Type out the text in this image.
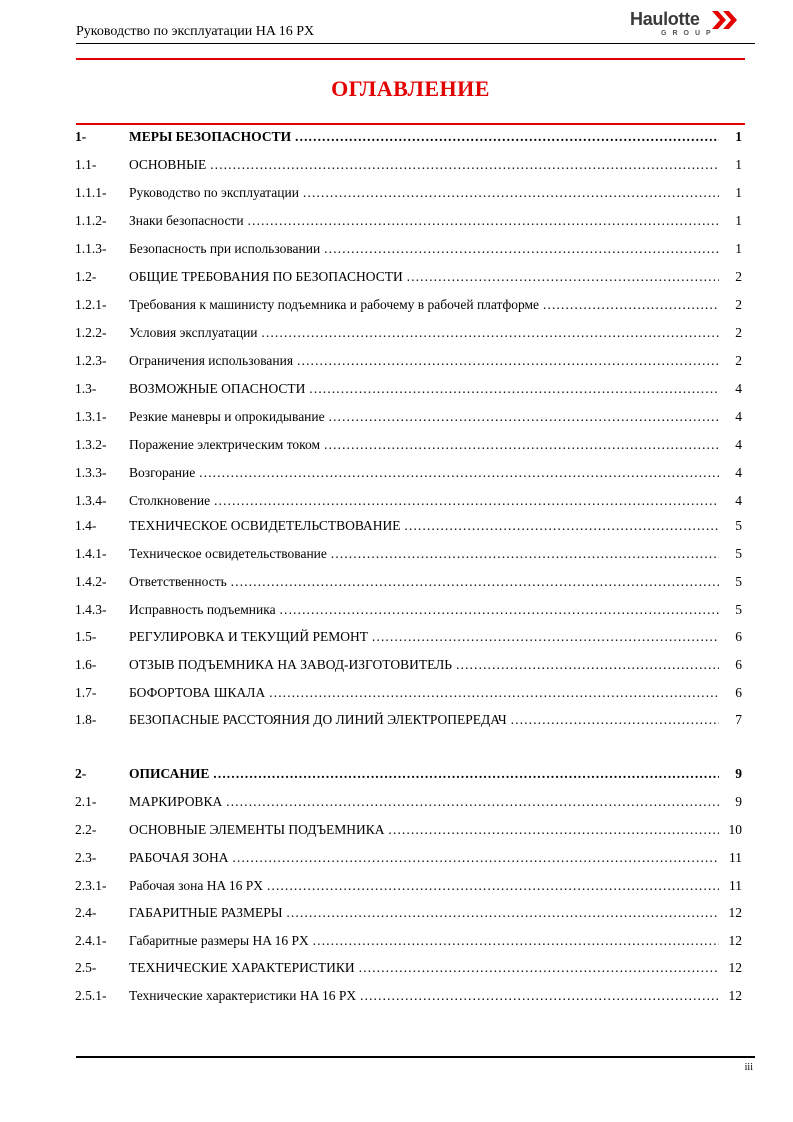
Руководство по эксплуатации HA 16 PX
Haulotte
GROUP
ОГЛАВЛЕНИЕ
1-	МЕРЫ БЕЗОПАСНОСТИ ………………………………………………………………………………………………………………………………………………………………………………	1
1.1- ОСНОВНЫЕ ………………………………………………………………………………………………………………………………………………………………………………	1
1.1.1- Руководство по эксплуатации ………………………………………………………………………………………………………………………………………………………………………………	1
1.1.2- Знаки безопасности ………………………………………………………………………………………………………………………………………………………………………………	1
1.1.3- Безопасность при использовании ………………………………………………………………………………………………………………………………………………………………………………	1
1.2- ОБЩИЕ ТРЕБОВАНИЯ ПО БЕЗОПАСНОСТИ ………………………………………………………………………………………………………………………………………………………………………………	2
1.2.1- Требования к машинисту подъемника и рабочему в рабочей платформе ………………………………………………………………………………………………………………………………………………………………………………	2
1.2.2- Условия эксплуатации ………………………………………………………………………………………………………………………………………………………………………………	2
1.2.3- Ограничения использования ………………………………………………………………………………………………………………………………………………………………………………	2
1.3- ВОЗМОЖНЫЕ ОПАСНОСТИ ………………………………………………………………………………………………………………………………………………………………………………	4
1.3.1- Резкие маневры и опрокидывание ………………………………………………………………………………………………………………………………………………………………………………	4
1.3.2- Поражение электрическим током ………………………………………………………………………………………………………………………………………………………………………………	4
1.3.3- Возгорание ………………………………………………………………………………………………………………………………………………………………………………	4
1.3.4- Столкновение ………………………………………………………………………………………………………………………………………………………………………………	4
1.4- ТЕХНИЧЕСКОЕ ОСВИДЕТЕЛЬСТВОВАНИЕ ………………………………………………………………………………………………………………………………………………………………………………	5
1.4.1- Техническое освидетельствование ………………………………………………………………………………………………………………………………………………………………………………	5
1.4.2- Ответственность ………………………………………………………………………………………………………………………………………………………………………………	5
1.4.3- Исправность подъемника ………………………………………………………………………………………………………………………………………………………………………………	5
1.5- РЕГУЛИРОВКА И ТЕКУЩИЙ РЕМОНТ ………………………………………………………………………………………………………………………………………………………………………………	6
1.6- ОТЗЫВ ПОДЪЕМНИКА НА ЗАВОД-ИЗГОТОВИТЕЛЬ ………………………………………………………………………………………………………………………………………………………………………………	6
1.7- БОФОРТОВА ШКАЛА ………………………………………………………………………………………………………………………………………………………………………………	6
1.8- БЕЗОПАСНЫЕ РАССТОЯНИЯ ДО ЛИНИЙ ЭЛЕКТРОПЕРЕДАЧ ………………………………………………………………………………………………………………………………………………………………………………	7
2-	ОПИСАНИЕ ………………………………………………………………………………………………………………………………………………………………………………	9
2.1- МАРКИРОВКА ………………………………………………………………………………………………………………………………………………………………………………	9
2.2- ОСНОВНЫЕ ЭЛЕМЕНТЫ ПОДЪЕМНИКА ………………………………………………………………………………………………………………………………………………………………………………	10
2.3- РАБОЧАЯ ЗОНА ………………………………………………………………………………………………………………………………………………………………………………	11
2.3.1- Рабочая зона HA 16 PX ………………………………………………………………………………………………………………………………………………………………………………	11
2.4- ГАБАРИТНЫЕ РАЗМЕРЫ ………………………………………………………………………………………………………………………………………………………………………………	12
2.4.1- Габаритные размеры HA 16 PX ………………………………………………………………………………………………………………………………………………………………………………	12
2.5- ТЕХНИЧЕСКИЕ ХАРАКТЕРИСТИКИ ………………………………………………………………………………………………………………………………………………………………………………	12
2.5.1- Технические характеристики HA 16 PX ………………………………………………………………………………………………………………………………………………………………………………	12
iii
